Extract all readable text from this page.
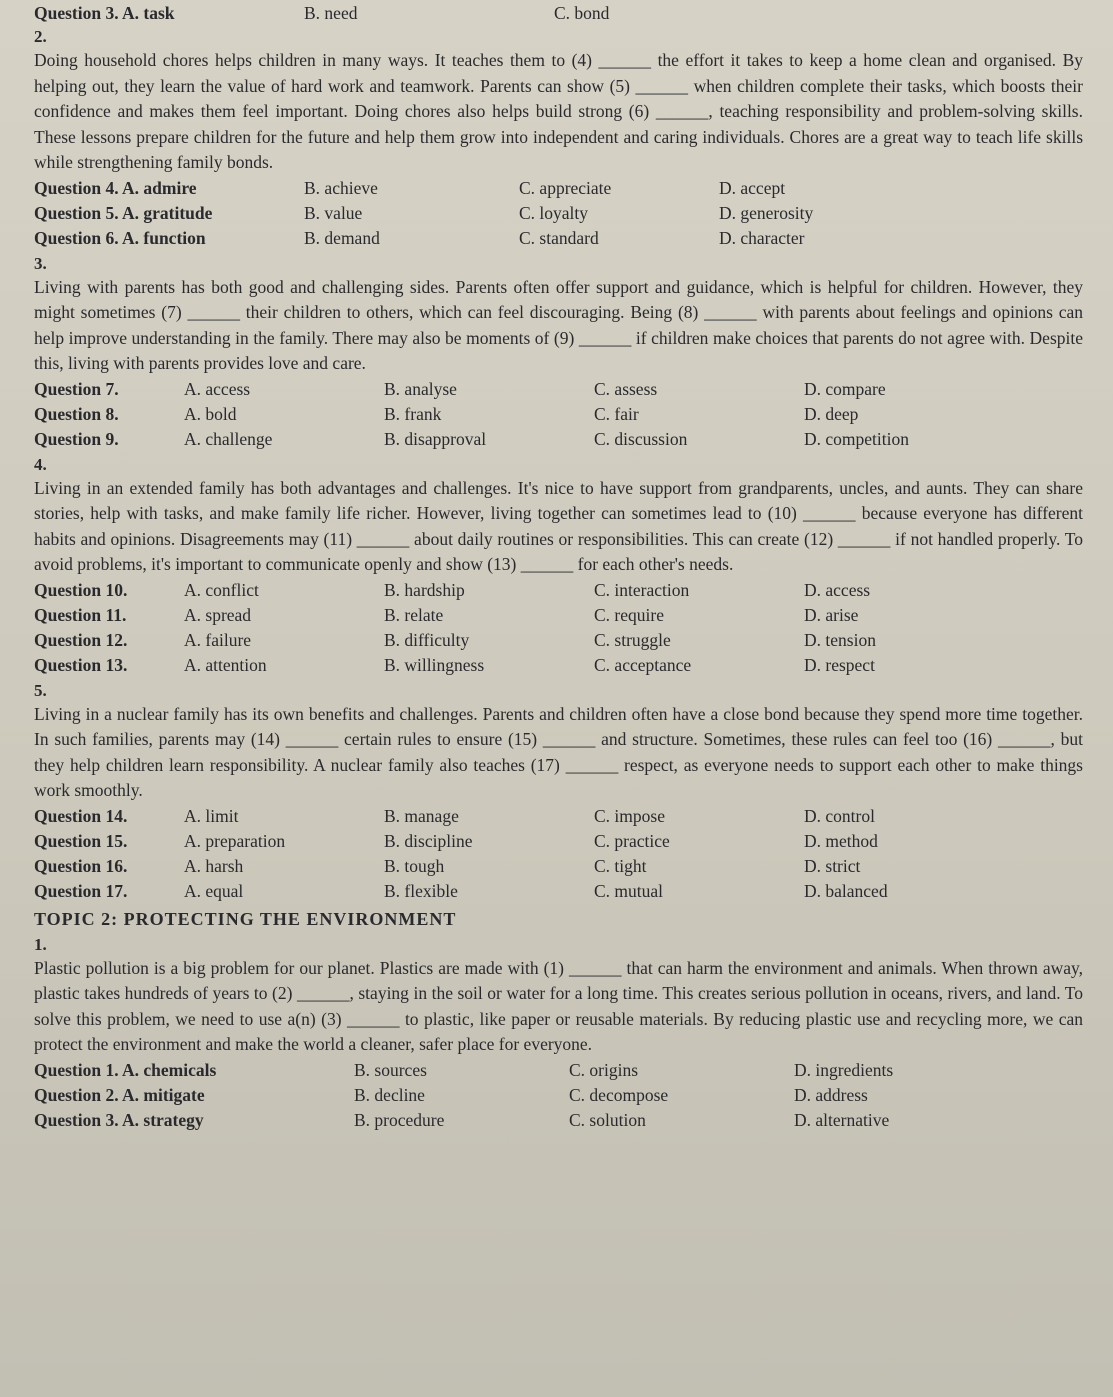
Question 3. A. task	B. need	C. bond
2.

Doing household chores helps children in many ways. It teaches them to (4) ______ the effort it takes to keep a home clean and organised. By helping out, they learn the value of hard work and teamwork. Parents can show (5) ______ when children complete their tasks, which boosts their confidence and makes them feel important. Doing chores also helps build strong (6) ______, teaching responsibility and problem-solving skills. These lessons prepare children for the future and help them grow into independent and caring individuals. Chores are a great way to teach life skills while strengthening family bonds.

Question 4. A. admire	B. achieve	C. appreciate	D. accept
Question 5. A. gratitude	B. value	C. loyalty	D. generosity
Question 6. A. function	B. demand	C. standard	D. character
3.

Living with parents has both good and challenging sides. Parents often offer support and guidance, which is helpful for children. However, they might sometimes (7) ______ their children to others, which can feel discouraging. Being (8) ______ with parents about feelings and opinions can help improve understanding in the family. There may also be moments of (9) ______ if children make choices that parents do not agree with. Despite this, living with parents provides love and care.

Question 7.	A. access	B. analyse	C. assess	D. compare
Question 8.	A. bold	B. frank	C. fair	D. deep
Question 9.	A. challenge	B. disapproval	C. discussion	D. competition
4.

Living in an extended family has both advantages and challenges. It's nice to have support from grandparents, uncles, and aunts. They can share stories, help with tasks, and make family life richer. However, living together can sometimes lead to (10) ______ because everyone has different habits and opinions. Disagreements may (11) ______ about daily routines or responsibilities. This can create (12) ______ if not handled properly. To avoid problems, it's important to communicate openly and show (13) ______ for each other's needs.

Question 10.	A. conflict	B. hardship	C. interaction	D. access
Question 11.	A. spread	B. relate	C. require	D. arise
Question 12.	A. failure	B. difficulty	C. struggle	D. tension
Question 13.	A. attention	B. willingness	C. acceptance	D. respect
5.

Living in a nuclear family has its own benefits and challenges. Parents and children often have a close bond because they spend more time together. In such families, parents may (14) ______ certain rules to ensure (15) ______ and structure. Sometimes, these rules can feel too (16) ______, but they help children learn responsibility. A nuclear family also teaches (17) ______ respect, as everyone needs to support each other to make things work smoothly.

Question 14.	A. limit	B. manage	C. impose	D. control
Question 15.	A. preparation	B. discipline	C. practice	D. method
Question 16.	A. harsh	B. tough	C. tight	D. strict
Question 17.	A. equal	B. flexible	C. mutual	D. balanced
TOPIC 2: PROTECTING THE ENVIRONMENT
1.

Plastic pollution is a big problem for our planet. Plastics are made with (1) ______ that can harm the environment and animals. When thrown away, plastic takes hundreds of years to (2) ______, staying in the soil or water for a long time. This creates serious pollution in oceans, rivers, and land. To solve this problem, we need to use a(n) (3) ______ to plastic, like paper or reusable materials. By reducing plastic use and recycling more, we can protect the environment and make the world a cleaner, safer place for everyone.

Question 1. A. chemicals	B. sources	C. origins	D. ingredients
Question 2. A. mitigate	B. decline	C. decompose	D. address
Question 3. A. strategy	B. procedure	C. solution	D. alternative
